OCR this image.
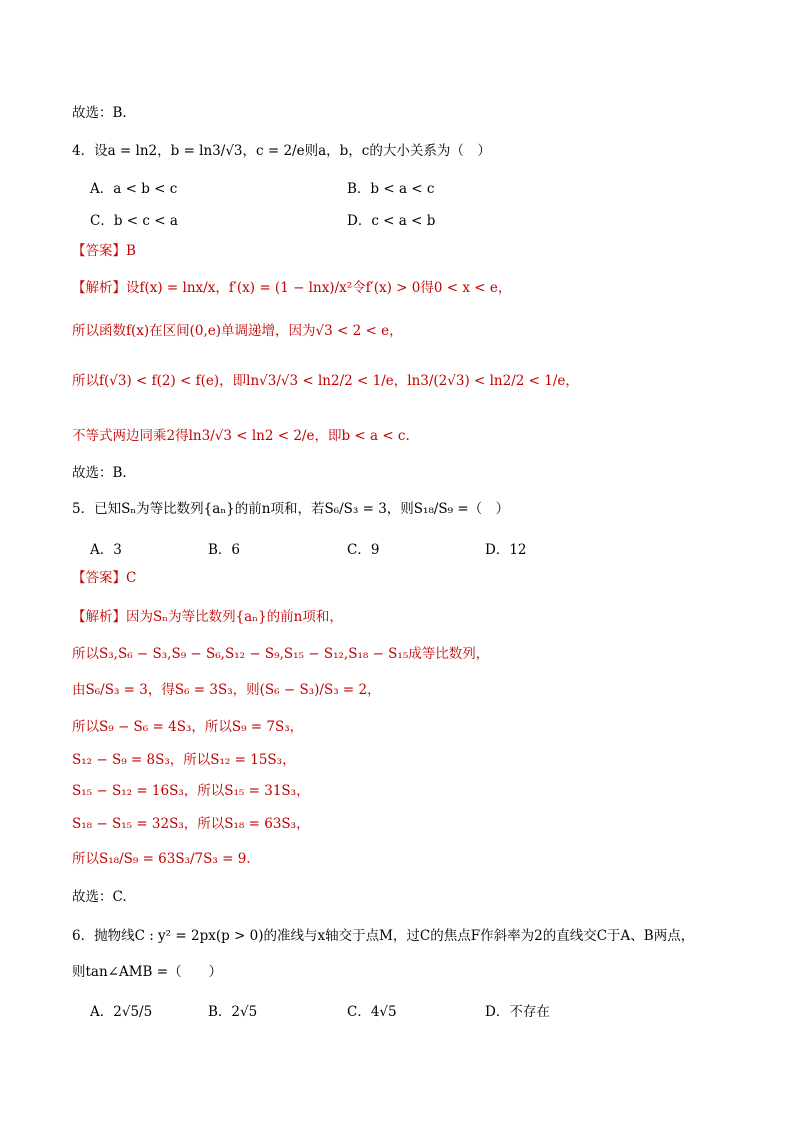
故选：B.
4．设a = ln2，b = ln3/√3，c = 2/e则a，b，c的大小关系为（　）
A．a < b < c	B．b < a < c
C．b < c < a	D．c < a < b
【答案】B
【解析】设f(x) = lnx/x，f′(x) = (1 − lnx)/x²令f′(x) > 0得0 < x < e，
所以函数f(x)在区间(0,e)单调递增，因为√3 < 2 < e，
所以f(√3) < f(2) < f(e)，即ln√3/√3 < ln2/2 < 1/e，ln3/(2√3) < ln2/2 < 1/e，
不等式两边同乘2得ln3/√3 < ln2 < 2/e，即b < a < c.
故选：B.
5．已知Sₙ为等比数列{aₙ}的前n项和，若S₆/S₃ = 3，则S₁₈/S₉ =（　）
A．3	B．6	C．9	D．12
【答案】C
【解析】因为Sₙ为等比数列{aₙ}的前n项和，
所以S₃,S₆ − S₃,S₉ − S₆,S₁₂ − S₉,S₁₅ − S₁₂,S₁₈ − S₁₅成等比数列，
由S₆/S₃ = 3，得S₆ = 3S₃，则(S₆ − S₃)/S₃ = 2，
所以S₉ − S₆ = 4S₃，所以S₉ = 7S₃，
S₁₂ − S₉ = 8S₃，所以S₁₂ = 15S₃，
S₁₅ − S₁₂ = 16S₃，所以S₁₅ = 31S₃，
S₁₈ − S₁₅ = 32S₃，所以S₁₈ = 63S₃，
所以S₁₈/S₉ = 63S₃/7S₃ = 9.
故选：C.
6．抛物线C : y² = 2px(p > 0)的准线与x轴交于点M，过C的焦点F作斜率为2的直线交C于A、B两点，
则tan∠AMB =（　　）
A．2√5/5	B．2√5	C．4√5	D．不存在
